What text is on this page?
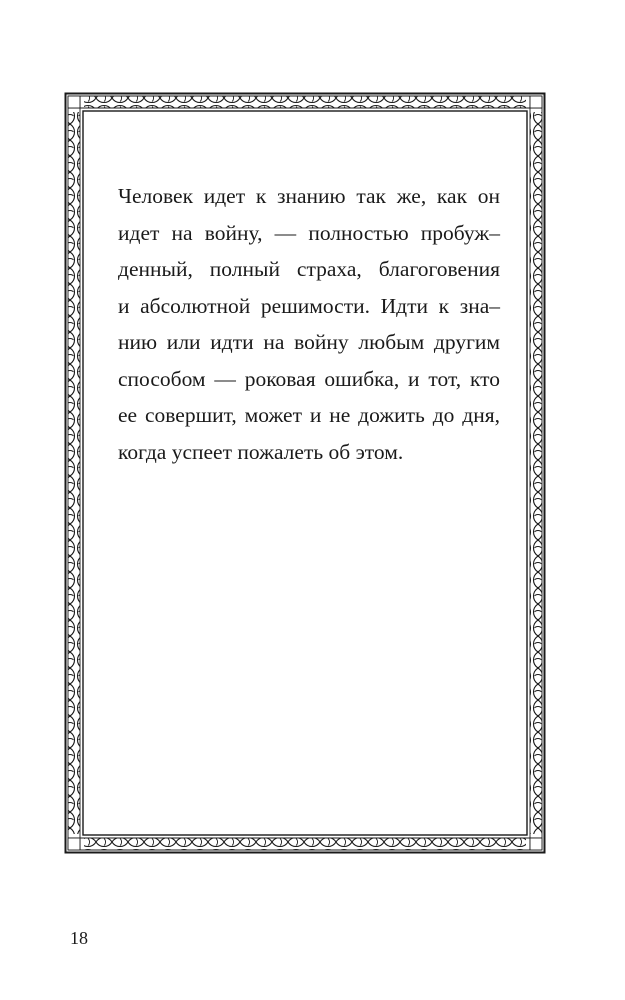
Человек идет к знанию так же, как он
идет на войну, — полностью пробуж–
денный, полный страха, благоговения
и абсолютной решимости. Идти к зна–
нию или идти на войну любым другим
способом — роковая ошибка, и тот, кто
ее совершит, может и не дожить до дня,
когда успеет пожалеть об этом.

18
